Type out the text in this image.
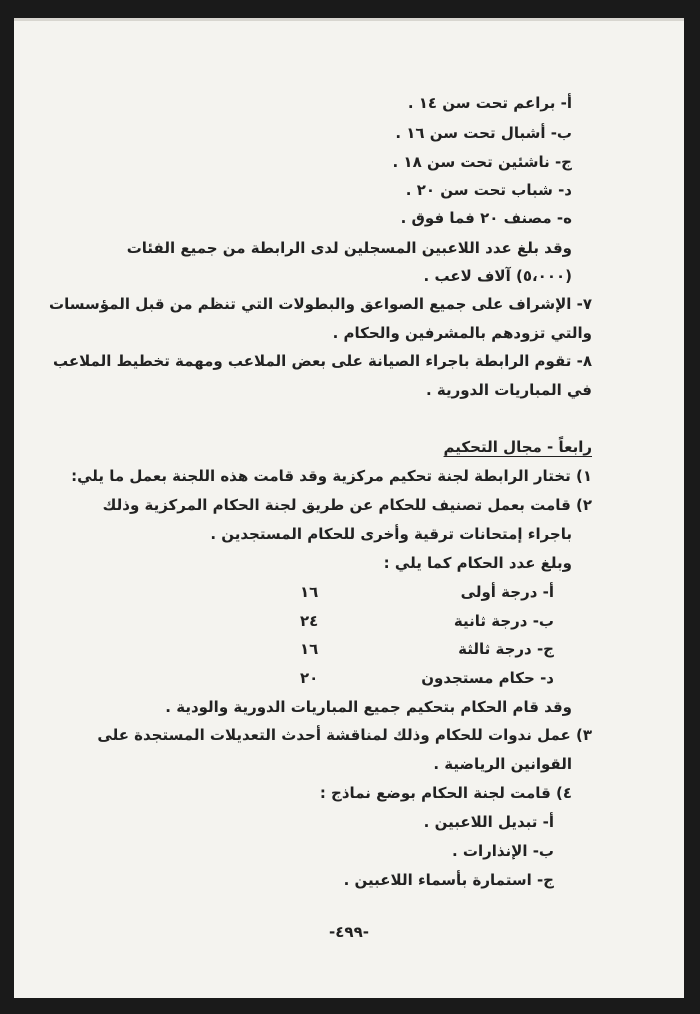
أ- براعم تحت سن ١٤ .
ب- أشبال تحت سن ١٦ .
ج- ناشئين تحت سن ١٨ .
د- شباب تحت سن ٢٠ .
ه- مصنف ٢٠ فما فوق .
وقد بلغ عدد اللاعبين المسجلين لدى الرابطة من جميع الفئات
(٥،٠٠٠) آلاف لاعب .
٧- الإشراف على جميع الصواعق والبطولات التي تنظم من قبل المؤسسات
والتي تزودهم بالمشرفين والحكام .
٨- تقوم الرابطة باجراء الصيانة على بعض الملاعب ومهمة تخطيط الملاعب
في المباريات الدورية .
رابعاً - مجال التحكيم
١) تختار الرابطة لجنة تحكيم مركزية وقد قامت هذه اللجنة بعمل ما يلي:
٢) قامت بعمل تصنيف للحكام عن طريق لجنة الحكام المركزية وذلك
باجراء إمتحانات ترقية وأخرى للحكام المستجدين .
وبلغ عدد الحكام كما يلي :
أ- درجة أولى
١٦
ب- درجة ثانية
٢٤
ج- درجة ثالثة
١٦
د- حكام مستجدون
٢٠
وقد قام الحكام بتحكيم جميع المباريات الدورية والودية .
٣) عمل ندوات للحكام وذلك لمناقشة أحدث التعديلات المستجدة على
القوانين الرياضية .
٤) قامت لجنة الحكام بوضع نماذج :
أ- تبديل اللاعبين .
ب- الإنذارات .
ج- استمارة بأسماء اللاعبين .
-٤٩٩-
